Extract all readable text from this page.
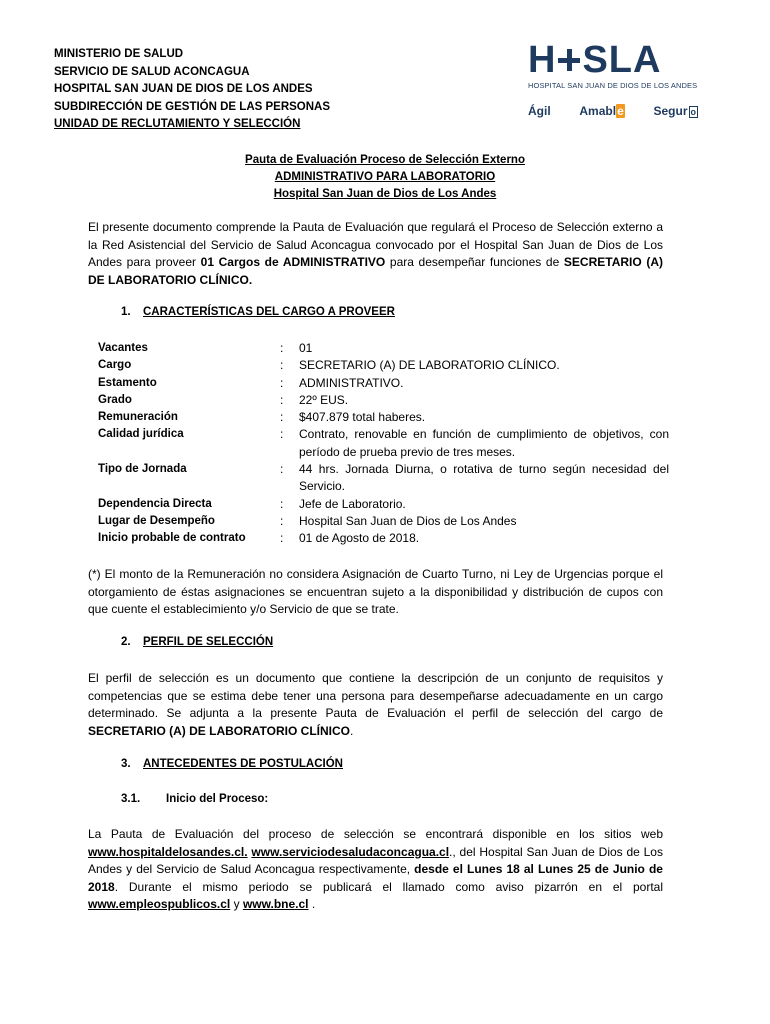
MINISTERIO DE SALUD
SERVICIO DE SALUD ACONCAGUA
HOSPITAL SAN JUAN DE DIOS DE LOS ANDES
SUBDIRECCIÓN DE GESTIÓN DE LAS PERSONAS
UNIDAD DE RECLUTAMIENTO Y SELECCIÓN
H SLA
HOSPITAL SAN JUAN DE DIOS DE LOS ANDES
Ágil Amable Segur o
Pauta de Evaluación Proceso de Selección Externo
ADMINISTRATIVO PARA LABORATORIO
Hospital San Juan de Dios de Los Andes
El presente documento comprende la Pauta de Evaluación que regulará el Proceso de Selección externo a la Red Asistencial del Servicio de Salud Aconcagua convocado por el Hospital San Juan de Dios de Los Andes para proveer 01 Cargos de ADMINISTRATIVO para desempeñar funciones de SECRETARIO (A) DE LABORATORIO CLÍNICO.
1. CARACTERÍSTICAS DEL CARGO A PROVEER
Vacantes	:	01
Cargo	:	SECRETARIO (A) DE LABORATORIO CLÍNICO.
Estamento	:	ADMINISTRATIVO.
Grado	:	22º EUS.
Remuneración	:	$407.879 total haberes.
Calidad jurídica	:	Contrato, renovable en función de cumplimiento de objetivos, con período de prueba previo de tres meses.
Tipo de Jornada	:	44 hrs. Jornada Diurna, o rotativa de turno según necesidad del Servicio.
Dependencia Directa	:	Jefe de Laboratorio.
Lugar de Desempeño	:	Hospital San Juan de Dios de Los Andes
Inicio probable de contrato	:	01 de Agosto de 2018.
(*) El monto de la Remuneración no considera Asignación de Cuarto Turno, ni Ley de Urgencias porque el otorgamiento de éstas asignaciones se encuentran sujeto a la disponibilidad y distribución de cupos con que cuente el establecimiento y/o Servicio de que se trate.
2. PERFIL DE SELECCIÓN
El perfil de selección es un documento que contiene la descripción de un conjunto de requisitos y competencias que se estima debe tener una persona para desempeñarse adecuadamente en un cargo determinado. Se adjunta a la presente Pauta de Evaluación el perfil de selección del cargo de SECRETARIO (A) DE LABORATORIO CLÍNICO.
3. ANTECEDENTES DE POSTULACIÓN
3.1. Inicio del Proceso:
La Pauta de Evaluación del proceso de selección se encontrará disponible en los sitios web www.hospitaldelosandes.cl. www.serviciodesaludaconcagua.cl., del Hospital San Juan de Dios de Los Andes y del Servicio de Salud Aconcagua respectivamente, desde el Lunes 18 al Lunes 25 de Junio de 2018. Durante el mismo periodo se publicará el llamado como aviso pizarrón en el portal www.empleospublicos.cl y www.bne.cl .
